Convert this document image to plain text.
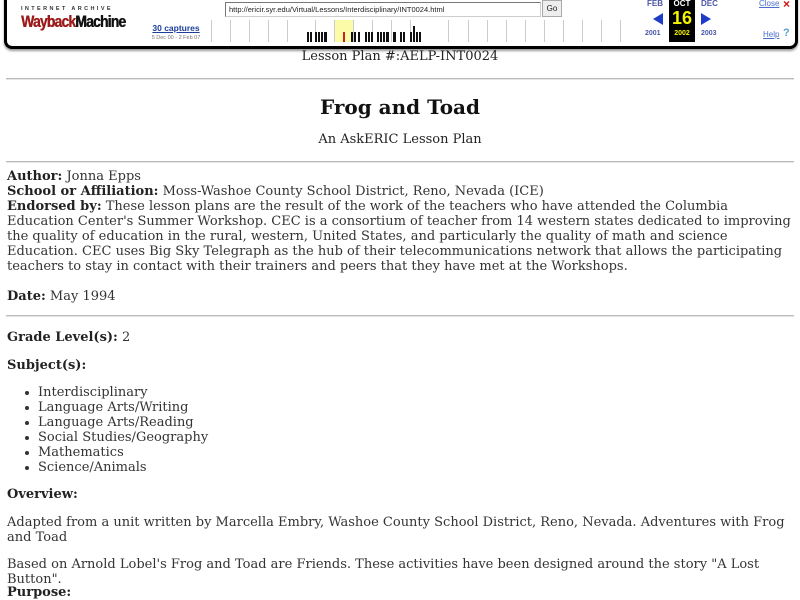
INTERNET ARCHIVE
WaybackMachine	30 captures
5 Dec 00 - 2 Feb 07
http://ericir.syr.edu/Virtual/Lessons/Interdisciplinary/INT0024.html	Go
FEB
2001
OCT
16
2002
DEC
2003
Close ×
Help ?
Lesson Plan #:AELP-INT0024
Frog and Toad
An AskERIC Lesson Plan
Author: Jonna Epps
School or Affiliation: Moss-Washoe County School District, Reno, Nevada (ICE)
Endorsed by: These lesson plans are the result of the work of the teachers who have attended the Columbia Education Center's Summer Workshop. CEC is a consortium of teacher from 14 western states dedicated to improving the quality of education in the rural, western, United States, and particularly the quality of math and science Education. CEC uses Big Sky Telegraph as the hub of their telecommunications network that allows the participating teachers to stay in contact with their trainers and peers that they have met at the Workshops.
Date: May 1994
Grade Level(s): 2
Subject(s):
Interdisciplinary
Language Arts/Writing
Language Arts/Reading
Social Studies/Geography
Mathematics
Science/Animals
Overview:
Adapted from a unit written by Marcella Embry, Washoe County School District, Reno, Nevada. Adventures with Frog and Toad
Based on Arnold Lobel's Frog and Toad are Friends. These activities have been designed around the story "A Lost Button".
Purpose:
